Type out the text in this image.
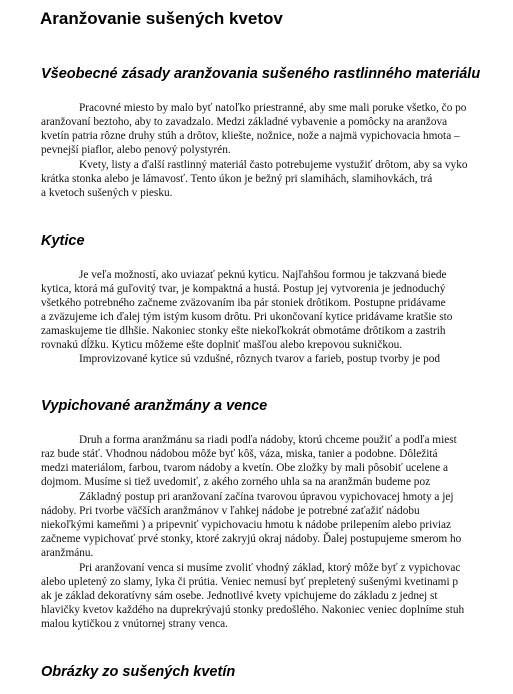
Aranžovanie sušených kvetov
Všeobecné zásady aranžovania sušeného rastlinného materiálu

Pracovné miesto by malo byť natoľko priestranné, aby sme mali poruke všetko, čo po

aranžovaní beztoho, aby to zavadzalo. Medzi základné vybavenie a pomôcky na aranžova

kvetín patria rôzne druhy stúh a drôtov, kliešte, nožnice, nože a najmä vypichovacia hmota –

pevnejší piaflor, alebo penový polystyrén.

Kvety, listy a ďalší rastlinný materiál často potrebujeme vystužiť drôtom, aby sa vyko

krátka stonka alebo je lámavosť. Tento úkon je bežný pri slamihách, slamihovkách, trá

a kvetoch sušených v piesku.

Kytice

Je veľa možností, ako uviazať peknú kyticu. Najľahšou formou je takzvaná biede

kytica, ktorá má guľovitý tvar, je kompaktná a hustá. Postup jej vytvorenia je jednoduchý

všetkého potrebného začneme zväzovaním iba pár stoniek drôtikom. Postupne pridávame

a zväzujeme ich ďalej tým istým kusom drôtu. Pri ukončovaní kytice pridávame kratšie sto

zamaskujeme tie dlhšie. Nakoniec stonky ešte niekoľkokrát obmotáme drôtikom a zastrih

rovnakú dĺžku. Kyticu môžeme ešte doplniť mašľou alebo krepovou sukničkou.

Improvizované kytice sú vzdušné, rôznych tvarov a farieb, postup tvorby je pod

Vypichované aranžmány a vence

Druh a forma aranžmánu sa riadi podľa nádoby, ktorú chceme použiť a podľa miest

raz bude stáť. Vhodnou nádobou môže byť kôš, váza, miska, tanier a podobne. Dôležitá

medzi materiálom, farbou, tvarom nádoby a kvetín. Obe zložky by mali pôsobiť ucelene a

dojmom. Musíme si tiež uvedomiť, z akého zorného uhla sa na aranžmán budeme poz

Základný postup pri aranžovaní začína tvarovou úpravou vypichovacej hmoty a jej

nádoby. Pri tvorbe väčších aranžmánov v ľahkej nádobe je potrebné zaťažiť nádobu

niekoľkými kameňmi ) a pripevniť vypichovaciu hmotu k nádobe prilepením alebo priviaz

začneme vypichovať prvé stonky, ktoré zakryjú okraj nádoby. Ďalej postupujeme smerom ho

aranžmánu.

Pri aranžovaní venca si musíme zvoliť vhodný základ, ktorý môže byť z vypichovac

alebo upletený zo slamy, lyka či prútia. Veniec nemusí byť prepletený sušenými kvetinami p

ak je základ dekoratívny sám osebe. Jednotlivé kvety vpichujeme do základu z jednej st

hlavičky kvetov každého na duprekrývajú stonky predošlého. Nakoniec veniec doplníme stuh

malou kytičkou z vnútornej strany venca.

Obrázky zo sušených kvetín
